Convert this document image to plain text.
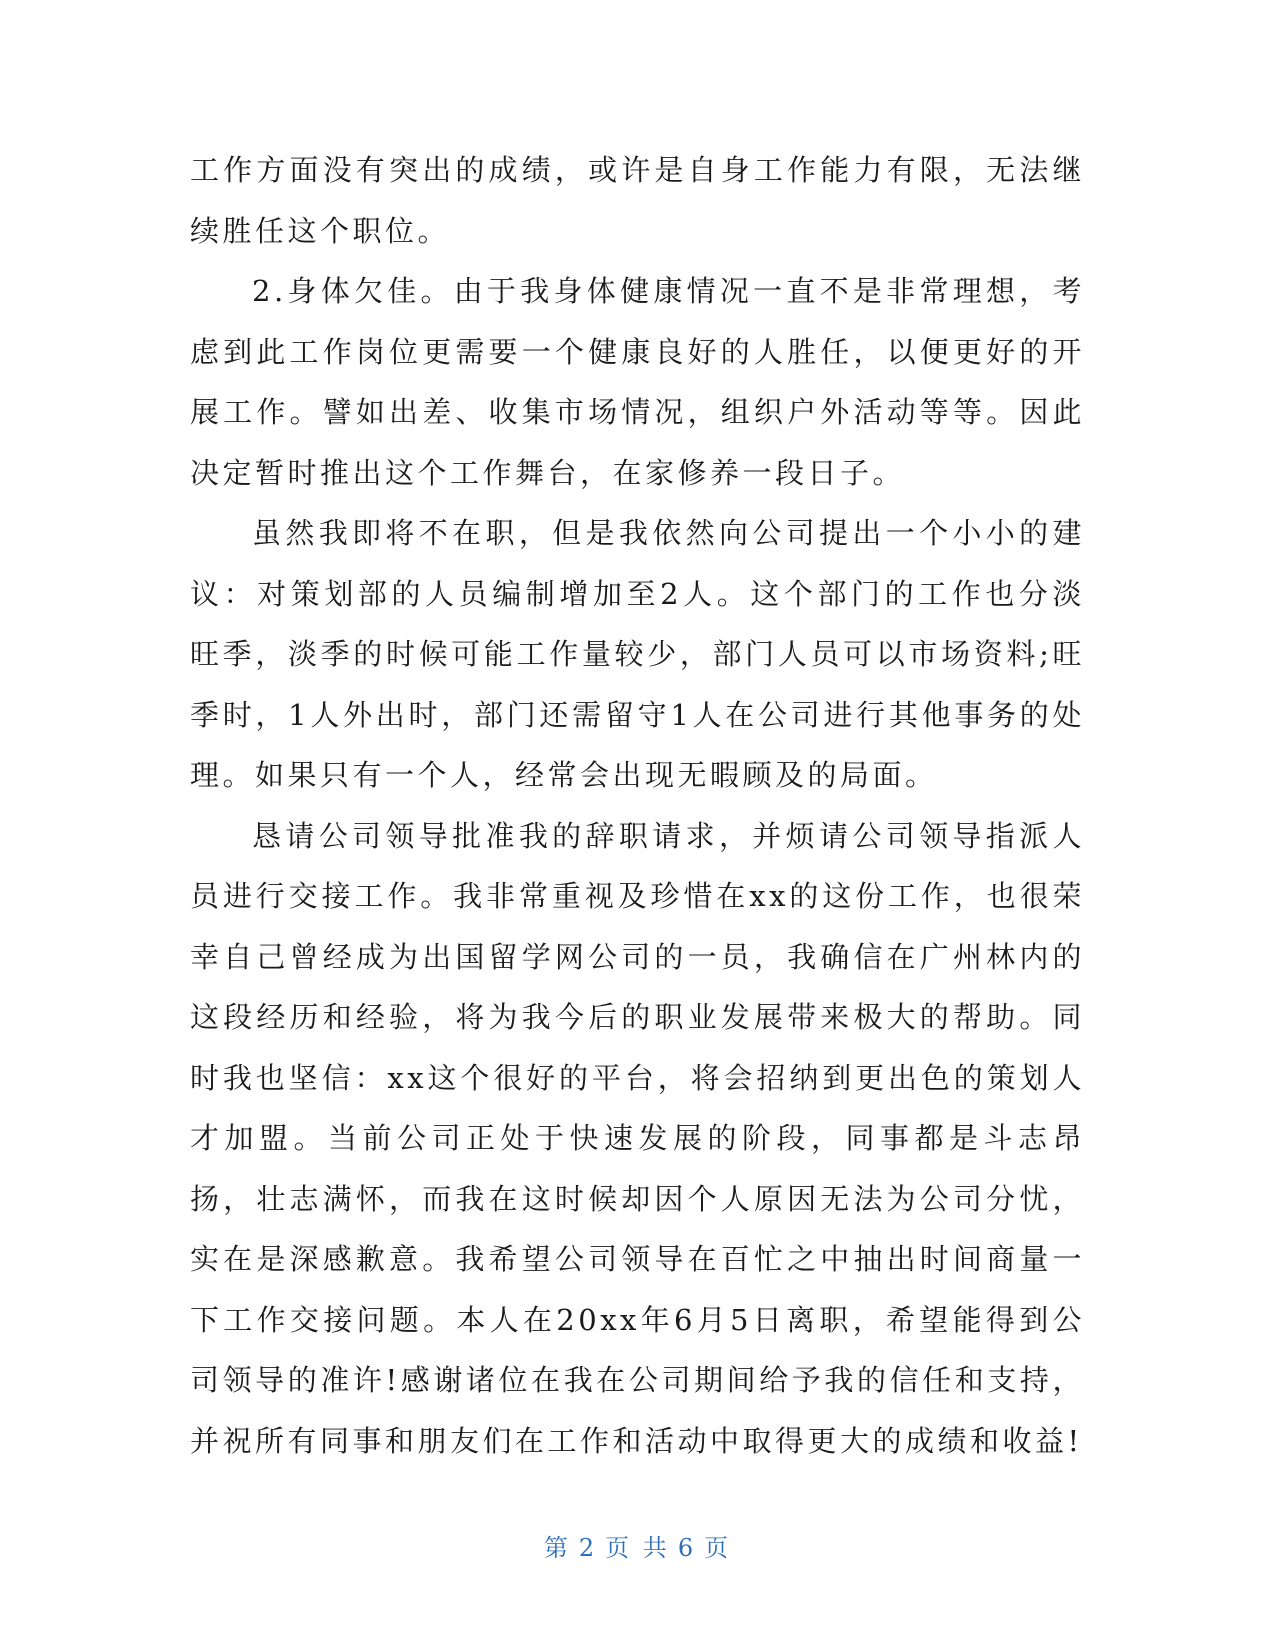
工作方面没有突出的成绩，或许是自身工作能力有限，无法继续胜任这个职位。

2.身体欠佳。由于我身体健康情况一直不是非常理想，考虑到此工作岗位更需要一个健康良好的人胜任，以便更好的开展工作。譬如出差、收集市场情况，组织户外活动等等。因此决定暂时推出这个工作舞台，在家修养一段日子。

虽然我即将不在职，但是我依然向公司提出一个小小的建议：对策划部的人员编制增加至2人。这个部门的工作也分淡旺季，淡季的时候可能工作量较少，部门人员可以市场资料;旺季时，1人外出时，部门还需留守1人在公司进行其他事务的处理。如果只有一个人，经常会出现无暇顾及的局面。

恳请公司领导批准我的辞职请求，并烦请公司领导指派人员进行交接工作。我非常重视及珍惜在xx的这份工作，也很荣幸自己曾经成为出国留学网公司的一员，我确信在广州林内的这段经历和经验，将为我今后的职业发展带来极大的帮助。同时我也坚信：xx这个很好的平台，将会招纳到更出色的策划人才加盟。当前公司正处于快速发展的阶段，同事都是斗志昂扬，壮志满怀，而我在这时候却因个人原因无法为公司分忧，实在是深感歉意。我希望公司领导在百忙之中抽出时间商量一下工作交接问题。本人在20xx年6月5日离职，希望能得到公司领导的准许!感谢诸位在我在公司期间给予我的信任和支持，并祝所有同事和朋友们在工作和活动中取得更大的成绩和收益!

第 2 页 共 6 页
